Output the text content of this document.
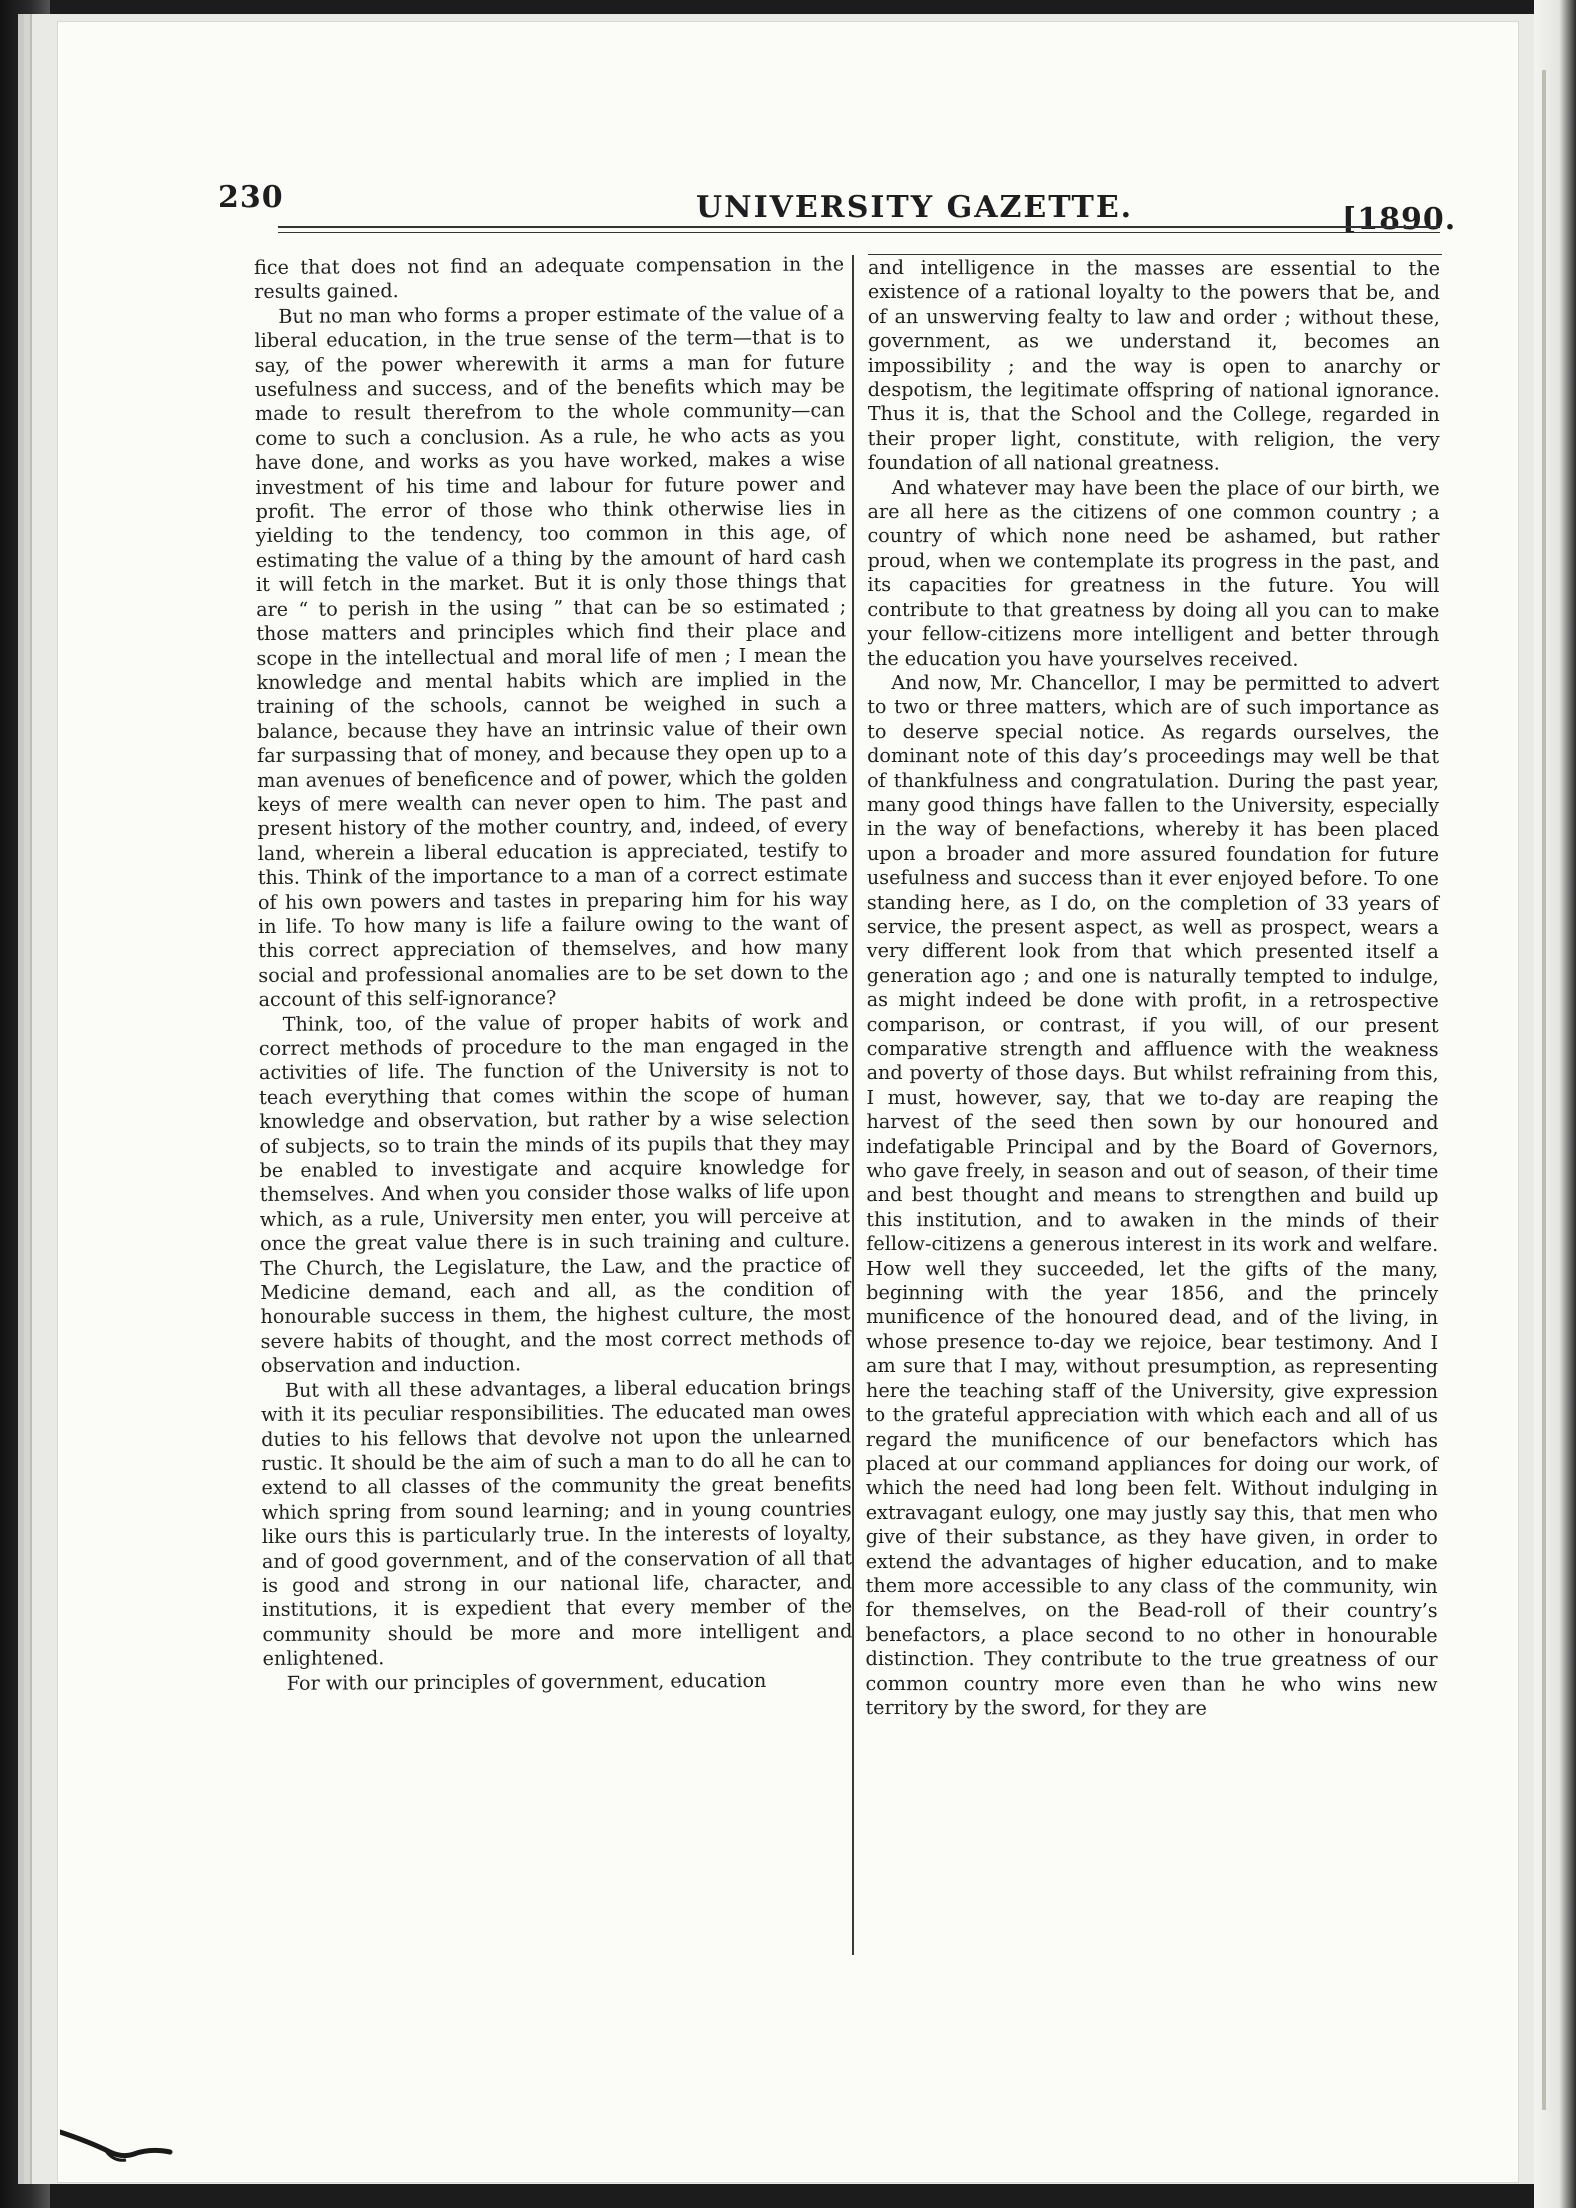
230	UNIVERSITY GAZETTE.	[1890.

fice that does not find an adequate compensation in the results gained.

But no man who forms a proper estimate of the value of a liberal education, in the true sense of the term—that is to say, of the power wherewith it arms a man for future usefulness and success, and of the benefits which may be made to result therefrom to the whole community—can come to such a conclusion. As a rule, he who acts as you have done, and works as you have worked, makes a wise investment of his time and labour for future power and profit. The error of those who think otherwise lies in yielding to the tendency, too common in this age, of estimating the value of a thing by the amount of hard cash it will fetch in the market. But it is only those things that are “ to perish in the using ” that can be so estimated ; those matters and principles which find their place and scope in the intellectual and moral life of men ; I mean the knowledge and mental habits which are implied in the training of the schools, cannot be weighed in such a balance, because they have an intrinsic value of their own far surpassing that of money, and because they open up to a man avenues of beneficence and of power, which the golden keys of mere wealth can never open to him. The past and present history of the mother country, and, indeed, of every land, wherein a liberal education is appreciated, testify to this. Think of the importance to a man of a correct estimate of his own powers and tastes in preparing him for his way in life. To how many is life a failure owing to the want of this correct appreciation of themselves, and how many social and professional anomalies are to be set down to the account of this self-ignorance?

Think, too, of the value of proper habits of work and correct methods of procedure to the man engaged in the activities of life. The function of the University is not to teach everything that comes within the scope of human knowledge and observation, but rather by a wise selection of subjects, so to train the minds of its pupils that they may be enabled to investigate and acquire knowledge for themselves. And when you consider those walks of life upon which, as a rule, University men enter, you will perceive at once the great value there is in such training and culture. The Church, the Legislature, the Law, and the practice of Medicine demand, each and all, as the condition of honourable success in them, the highest culture, the most severe habits of thought, and the most correct methods of observation and induction.

But with all these advantages, a liberal education brings with it its peculiar responsibilities. The educated man owes duties to his fellows that devolve not upon the unlearned rustic. It should be the aim of such a man to do all he can to extend to all classes of the community the great benefits which spring from sound learning; and in young countries like ours this is particularly true. In the interests of loyalty, and of good government, and of the conservation of all that is good and strong in our national life, character, and institutions, it is expedient that every member of the community should be more and more intelligent and enlightened.

For with our principles of government, education

and intelligence in the masses are essential to the existence of a rational loyalty to the powers that be, and of an unswerving fealty to law and order ; without these, government, as we understand it, becomes an impossibility ; and the way is open to anarchy or despotism, the legitimate offspring of national ignorance. Thus it is, that the School and the College, regarded in their proper light, constitute, with religion, the very foundation of all national greatness.

And whatever may have been the place of our birth, we are all here as the citizens of one common country ; a country of which none need be ashamed, but rather proud, when we contemplate its progress in the past, and its capacities for greatness in the future. You will contribute to that greatness by doing all you can to make your fellow-citizens more intelligent and better through the education you have yourselves received.

And now, Mr. Chancellor, I may be permitted to advert to two or three matters, which are of such importance as to deserve special notice. As regards ourselves, the dominant note of this day’s proceedings may well be that of thankfulness and congratulation. During the past year, many good things have fallen to the University, especially in the way of benefactions, whereby it has been placed upon a broader and more assured foundation for future usefulness and success than it ever enjoyed before. To one standing here, as I do, on the completion of 33 years of service, the present aspect, as well as prospect, wears a very different look from that which presented itself a generation ago ; and one is naturally tempted to indulge, as might indeed be done with profit, in a retrospective comparison, or contrast, if you will, of our present comparative strength and affluence with the weakness and poverty of those days. But whilst refraining from this, I must, however, say, that we to-day are reaping the harvest of the seed then sown by our honoured and indefatigable Principal and by the Board of Governors, who gave freely, in season and out of season, of their time and best thought and means to strengthen and build up this institution, and to awaken in the minds of their fellow-citizens a generous interest in its work and welfare. How well they succeeded, let the gifts of the many, beginning with the year 1856, and the princely munificence of the honoured dead, and of the living, in whose presence to-day we rejoice, bear testimony. And I am sure that I may, without presumption, as representing here the teaching staff of the University, give expression to the grateful appreciation with which each and all of us regard the munificence of our benefactors which has placed at our command appliances for doing our work, of which the need had long been felt. Without indulging in extravagant eulogy, one may justly say this, that men who give of their substance, as they have given, in order to extend the advantages of higher education, and to make them more accessible to any class of the community, win for themselves, on the Bead-roll of their country’s benefactors, a place second to no other in honourable distinction. They contribute to the true greatness of our common country more even than he who wins new territory by the sword, for they are
